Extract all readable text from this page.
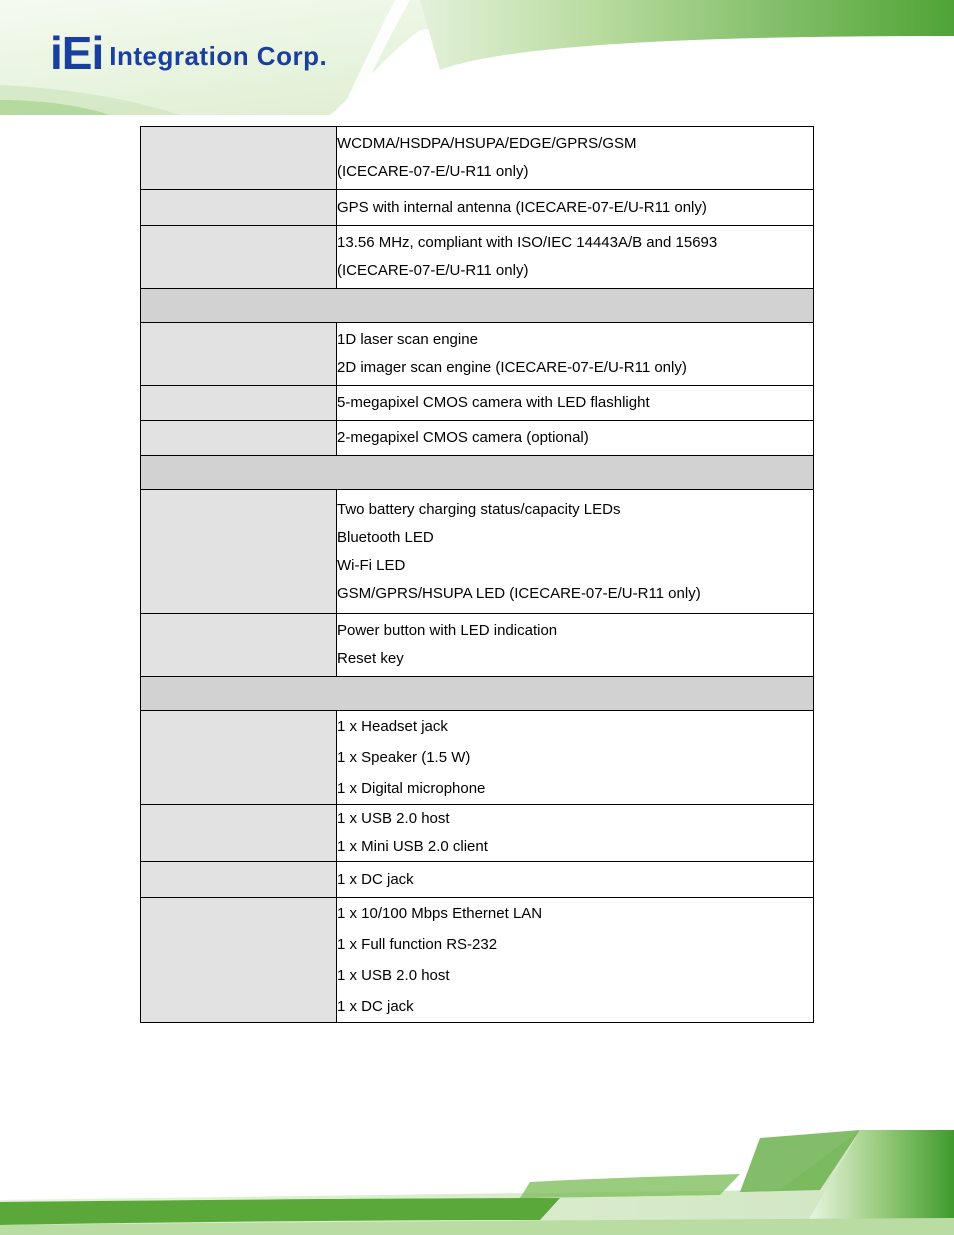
iEi Integration Corp.

	WCDMA/HSDPA/HSUPA/EDGE/GPRS/GSM
(ICECARE-07-E/U-R11 only)

	GPS with internal antenna (ICECARE-07-E/U-R11 only)

	13.56 MHz, compliant with ISO/IEC 14443A/B and 15693
(ICECARE-07-E/U-R11 only)

	1D laser scan engine
2D imager scan engine (ICECARE-07-E/U-R11 only)

	5-megapixel CMOS camera with LED flashlight

	2-megapixel CMOS camera (optional)

	Two battery charging status/capacity LEDs
Bluetooth LED
Wi-Fi LED
GSM/GPRS/HSUPA LED (ICECARE-07-E/U-R11 only)

	Power button with LED indication
Reset key

	1 x Headset jack
1 x Speaker (1.5 W)
1 x Digital microphone

	1 x USB 2.0 host
1 x Mini USB 2.0 client

	1 x DC jack

	1 x 10/100 Mbps Ethernet LAN
1 x Full function RS-232
1 x USB 2.0 host
1 x DC jack
